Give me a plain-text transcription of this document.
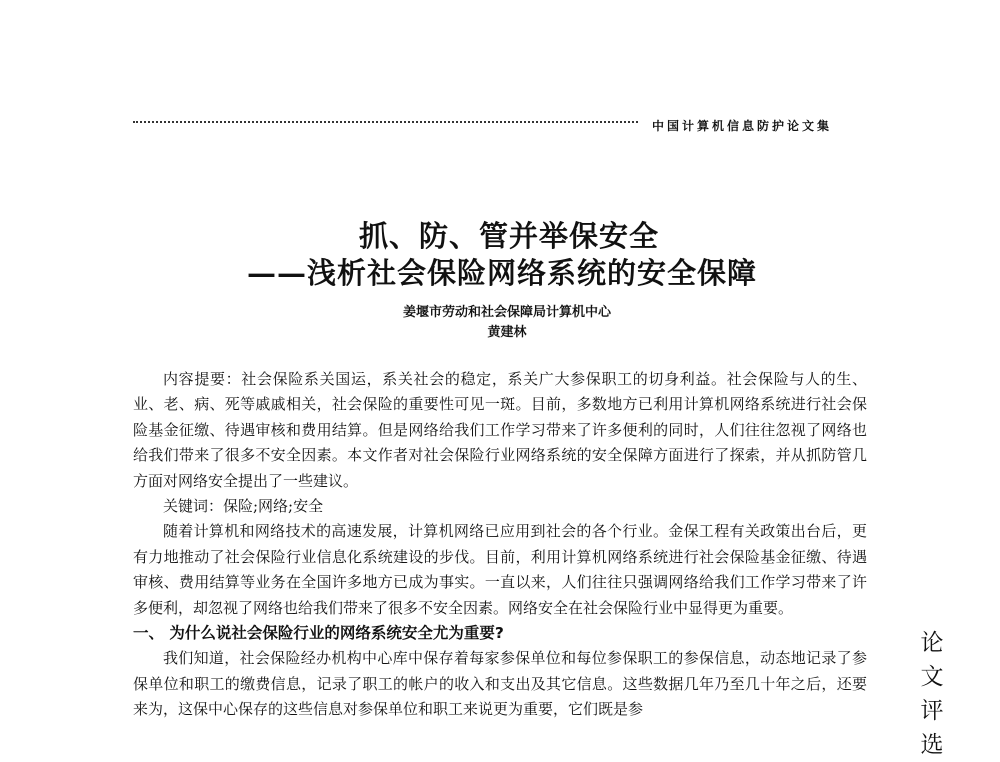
中国计算机信息防护论文集
抓、防、管并举保安全
——浅析社会保险网络系统的安全保障
姜堰市劳动和社会保障局计算机中心
黄建林

内容提要：社会保险系关国运，系关社会的稳定，系关广大参保职工的切身利益。社会保险与人的生、业、老、病、死等戚戚相关，社会保险的重要性可见一斑。目前，多数地方已利用计算机网络系统进行社会保险基金征缴、待遇审核和费用结算。但是网络给我们工作学习带来了许多便利的同时，人们往往忽视了网络也给我们带来了很多不安全因素。本文作者对社会保险行业网络系统的安全保障方面进行了探索，并从抓防管几方面对网络安全提出了一些建议。

关键词：保险;网络;安全

随着计算机和网络技术的高速发展，计算机网络已应用到社会的各个行业。金保工程有关政策出台后，更有力地推动了社会保险行业信息化系统建设的步伐。目前，利用计算机网络系统进行社会保险基金征缴、待遇审核、费用结算等业务在全国许多地方已成为事实。一直以来，人们往往只强调网络给我们工作学习带来了许多便利，却忽视了网络也给我们带来了很多不安全因素。网络安全在社会保险行业中显得更为重要。

一、 为什么说社会保险行业的网络系统安全尤为重要?

我们知道，社会保险经办机构中心库中保存着每家参保单位和每位参保职工的参保信息，动态地记录了参保单位和职工的缴费信息，记录了职工的帐户的收入和支出及其它信息。这些数据几年乃至几十年之后，还要来为，这保中心保存的这些信息对参保单位和职工来说更为重要，它们既是参

论
文
评
选
